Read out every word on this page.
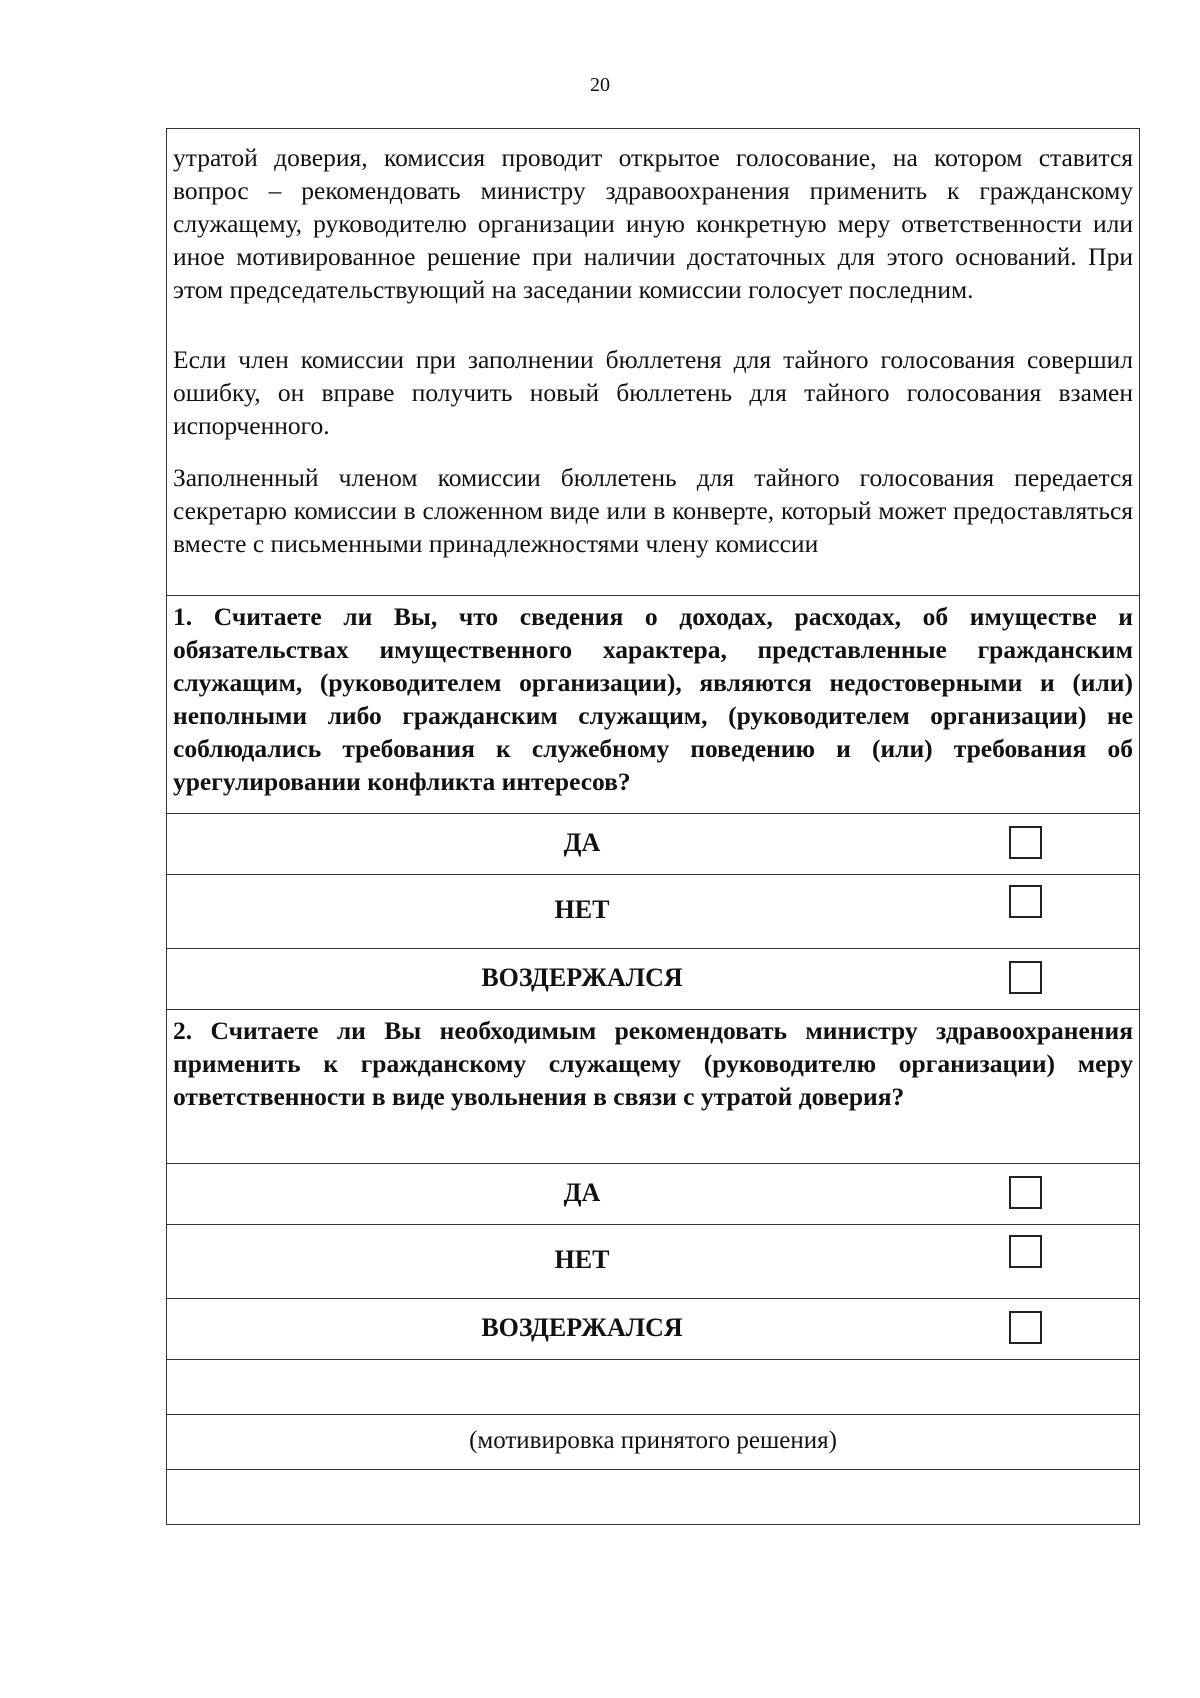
20

утратой доверия, комиссия проводит открытое голосование, на котором ставится вопрос – рекомендовать министру здравоохранения применить к гражданскому служащему, руководителю организации иную конкретную меру ответственности или иное мотивированное решение при наличии достаточных для этого оснований. При этом председательствующий на заседании комиссии голосует последним.

Если член комиссии при заполнении бюллетеня для тайного голосования совершил ошибку, он вправе получить новый бюллетень для тайного голосования взамен испорченного.

Заполненный членом комиссии бюллетень для тайного голосования передается секретарю комиссии в сложенном виде или в конверте, который может предоставляться вместе с письменными принадлежностями члену комиссии

1. Считаете ли Вы, что сведения о доходах, расходах, об имуществе и обязательствах имущественного характера, представленные гражданским служащим, (руководителем организации), являются недостоверными и (или) неполными либо гражданским служащим, (руководителем организации) не соблюдались требования к служебному поведению и (или) требования об урегулировании конфликта интересов?
ДА
НЕТ
ВОЗДЕРЖАЛСЯ
2. Считаете ли Вы необходимым рекомендовать министру здравоохранения применить к гражданскому служащему (руководителю организации) меру ответственности в виде увольнения в связи с утратой доверия?
ДА
НЕТ
ВОЗДЕРЖАЛСЯ
(мотивировка принятого решения)
